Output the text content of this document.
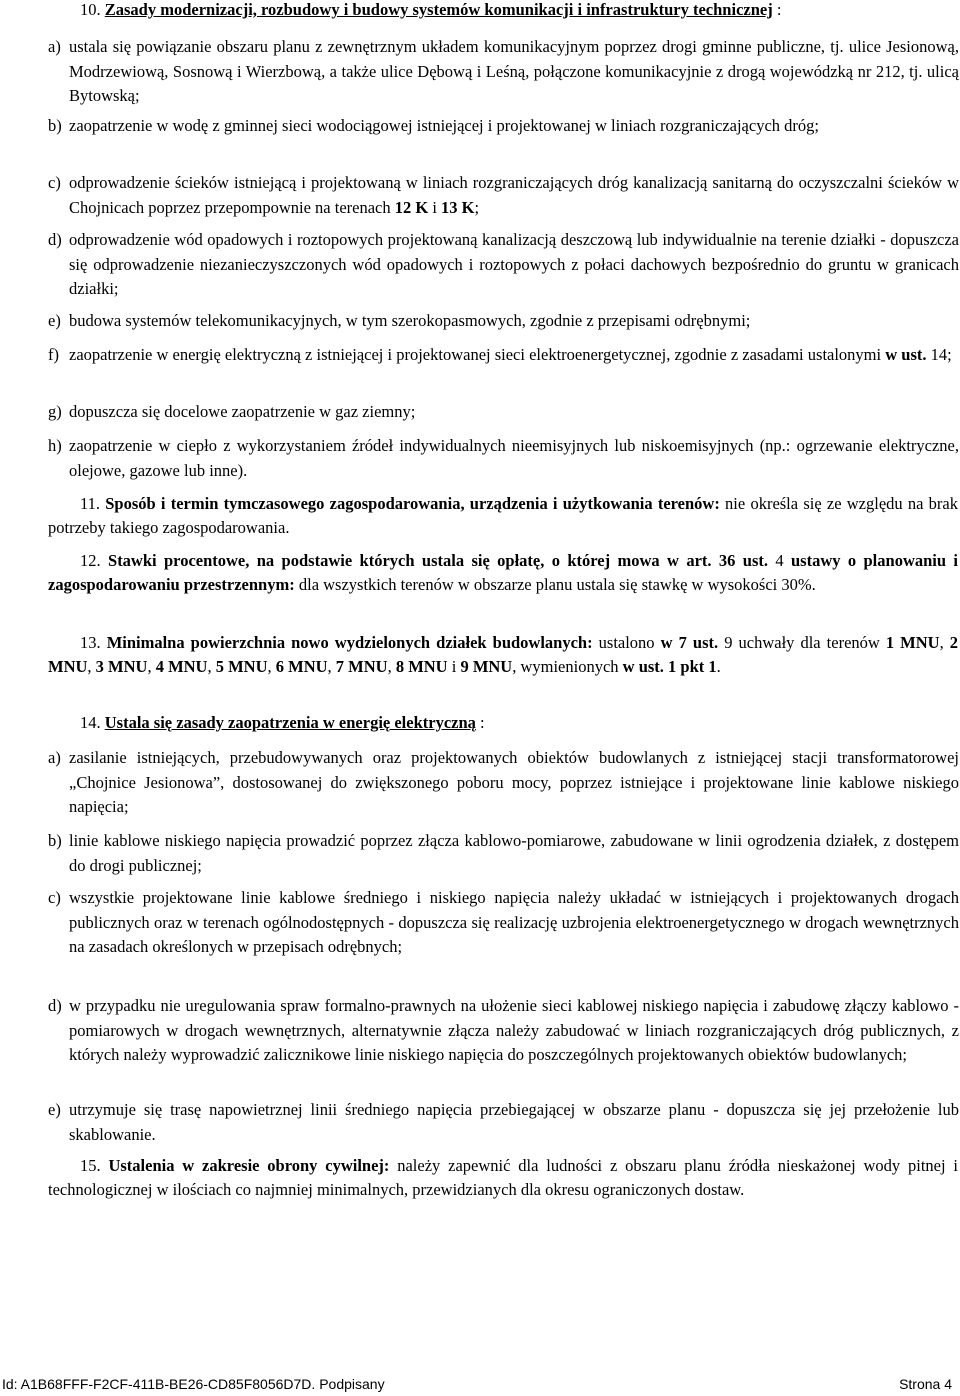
10. Zasady modernizacji, rozbudowy i budowy systemów komunikacji i infrastruktury technicznej :
a) ustala się powiązanie obszaru planu z zewnętrznym układem komunikacyjnym poprzez drogi gminne publiczne, tj. ulice Jesionową, Modrzewiową, Sosnową i Wierzbową, a także ulice Dębową i Leśną, połączone komunikacyjnie z drogą wojewódzką nr 212, tj. ulicą Bytowską;
b) zaopatrzenie w wodę z gminnej sieci wodociągowej istniejącej i projektowanej w liniach rozgraniczających dróg;
c) odprowadzenie ścieków istniejącą i projektowaną w liniach rozgraniczających dróg kanalizacją sanitarną do oczyszczalni ścieków w Chojnicach poprzez przepompownie na terenach 12 K i 13 K;
d) odprowadzenie wód opadowych i roztopowych projektowaną kanalizacją deszczową lub indywidualnie na terenie działki - dopuszcza się odprowadzenie niezanieczyszczonych wód opadowych i roztopowych z połaci dachowych bezpośrednio do gruntu w granicach działki;
e) budowa systemów telekomunikacyjnych, w tym szerokopasmowych, zgodnie z przepisami odrębnymi;
f) zaopatrzenie w energię elektryczną z istniejącej i projektowanej sieci elektroenergetycznej, zgodnie z zasadami ustalonymi w ust. 14;
g) dopuszcza się docelowe zaopatrzenie w gaz ziemny;
h) zaopatrzenie w ciepło z wykorzystaniem źródeł indywidualnych nieemisyjnych lub niskoemisyjnych (np.: ogrzewanie elektryczne, olejowe, gazowe lub inne).
11. Sposób i termin tymczasowego zagospodarowania, urządzenia i użytkowania terenów: nie określa się ze względu na brak potrzeby takiego zagospodarowania.
12. Stawki procentowe, na podstawie których ustala się opłatę, o której mowa w art. 36 ust. 4 ustawy o planowaniu i zagospodarowaniu przestrzennym: dla wszystkich terenów w obszarze planu ustala się stawkę w wysokości 30%.
13. Minimalna powierzchnia nowo wydzielonych działek budowlanych: ustalono w 7 ust. 9 uchwały dla terenów 1 MNU, 2 MNU, 3 MNU, 4 MNU, 5 MNU, 6 MNU, 7 MNU, 8 MNU i 9 MNU, wymienionych w ust. 1 pkt 1.
14. Ustala się zasady zaopatrzenia w energię elektryczną :
a) zasilanie istniejących, przebudowywanych oraz projektowanych obiektów budowlanych z istniejącej stacji transformatorowej „Chojnice Jesionowa”, dostosowanej do zwiększonego poboru mocy, poprzez istniejące i projektowane linie kablowe niskiego napięcia;
b) linie kablowe niskiego napięcia prowadzić poprzez złącza kablowo-pomiarowe, zabudowane w linii ogrodzenia działek, z dostępem do drogi publicznej;
c) wszystkie projektowane linie kablowe średniego i niskiego napięcia należy układać w istniejących i projektowanych drogach publicznych oraz w terenach ogólnodostępnych - dopuszcza się realizację uzbrojenia elektroenergetycznego w drogach wewnętrznych na zasadach określonych w przepisach odrębnych;
d) w przypadku nie uregulowania spraw formalno-prawnych na ułożenie sieci kablowej niskiego napięcia i zabudowę złączy kablowo - pomiarowych w drogach wewnętrznych, alternatywnie złącza należy zabudować w liniach rozgraniczających dróg publicznych, z których należy wyprowadzić zalicznikowe linie niskiego napięcia do poszczególnych projektowanych obiektów budowlanych;
e) utrzymuje się trasę napowietrznej linii średniego napięcia przebiegającej w obszarze planu - dopuszcza się jej przełożenie lub skablowanie.
15. Ustalenia w zakresie obrony cywilnej: należy zapewnić dla ludności z obszaru planu źródła nieskażonej wody pitnej i technologicznej w ilościach co najmniej minimalnych, przewidzianych dla okresu ograniczonych dostaw.
Id: A1B68FFF-F2CF-411B-BE26-CD85F8056D7D. Podpisany	Strona 4
